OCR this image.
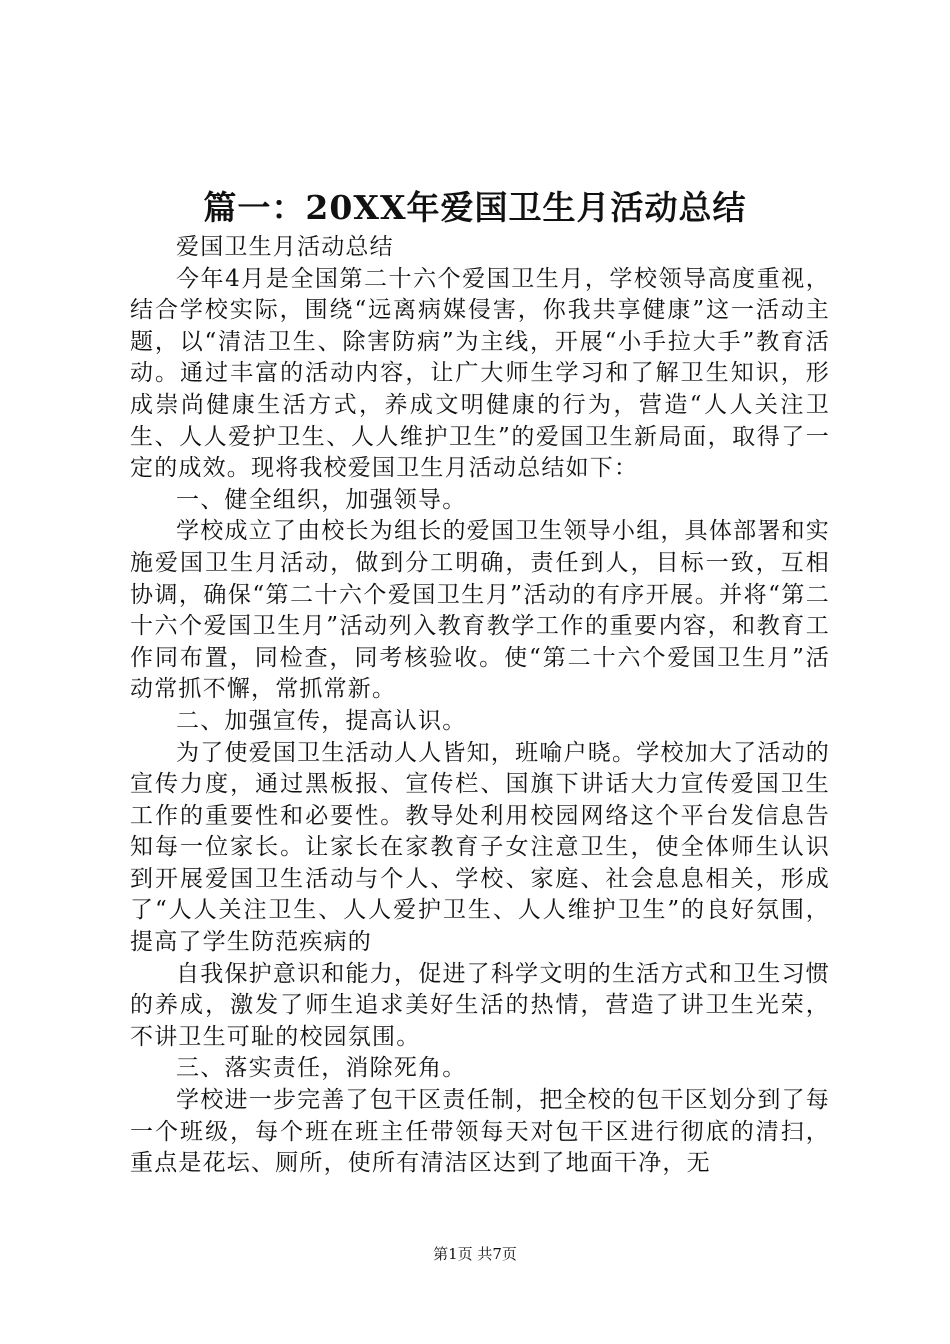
篇一：20XX年爱国卫生月活动总结

爱国卫生月活动总结

今年4月是全国第二十六个爱国卫生月，学校领导高度重视，结合学校实际，围绕“远离病媒侵害，你我共享健康”这一活动主题，以“清洁卫生、除害防病”为主线，开展“小手拉大手”教育活动。通过丰富的活动内容，让广大师生学习和了解卫生知识，形成崇尚健康生活方式，养成文明健康的行为，营造“人人关注卫生、人人爱护卫生、人人维护卫生”的爱国卫生新局面，取得了一定的成效。现将我校爱国卫生月活动总结如下：

一、健全组织，加强领导。

学校成立了由校长为组长的爱国卫生领导小组，具体部署和实施爱国卫生月活动，做到分工明确，责任到人，目标一致，互相协调，确保“第二十六个爱国卫生月”活动的有序开展。并将“第二十六个爱国卫生月”活动列入教育教学工作的重要内容，和教育工作同布置，同检查，同考核验收。使“第二十六个爱国卫生月”活动常抓不懈，常抓常新。

二、加强宣传，提高认识。

为了使爱国卫生活动人人皆知，班喻户晓。学校加大了活动的宣传力度，通过黑板报、宣传栏、国旗下讲话大力宣传爱国卫生工作的重要性和必要性。教导处利用校园网络这个平台发信息告知每一位家长。让家长在家教育子女注意卫生，使全体师生认识到开展爱国卫生活动与个人、学校、家庭、社会息息相关，形成了“人人关注卫生、人人爱护卫生、人人维护卫生”的良好氛围，提高了学生防范疾病的

自我保护意识和能力，促进了科学文明的生活方式和卫生习惯的养成，激发了师生追求美好生活的热情，营造了讲卫生光荣，不讲卫生可耻的校园氛围。

三、落实责任，消除死角。

学校进一步完善了包干区责任制，把全校的包干区划分到了每一个班级，每个班在班主任带领每天对包干区进行彻底的清扫，重点是花坛、厕所，使所有清洁区达到了地面干净，无

第1页 共7页
